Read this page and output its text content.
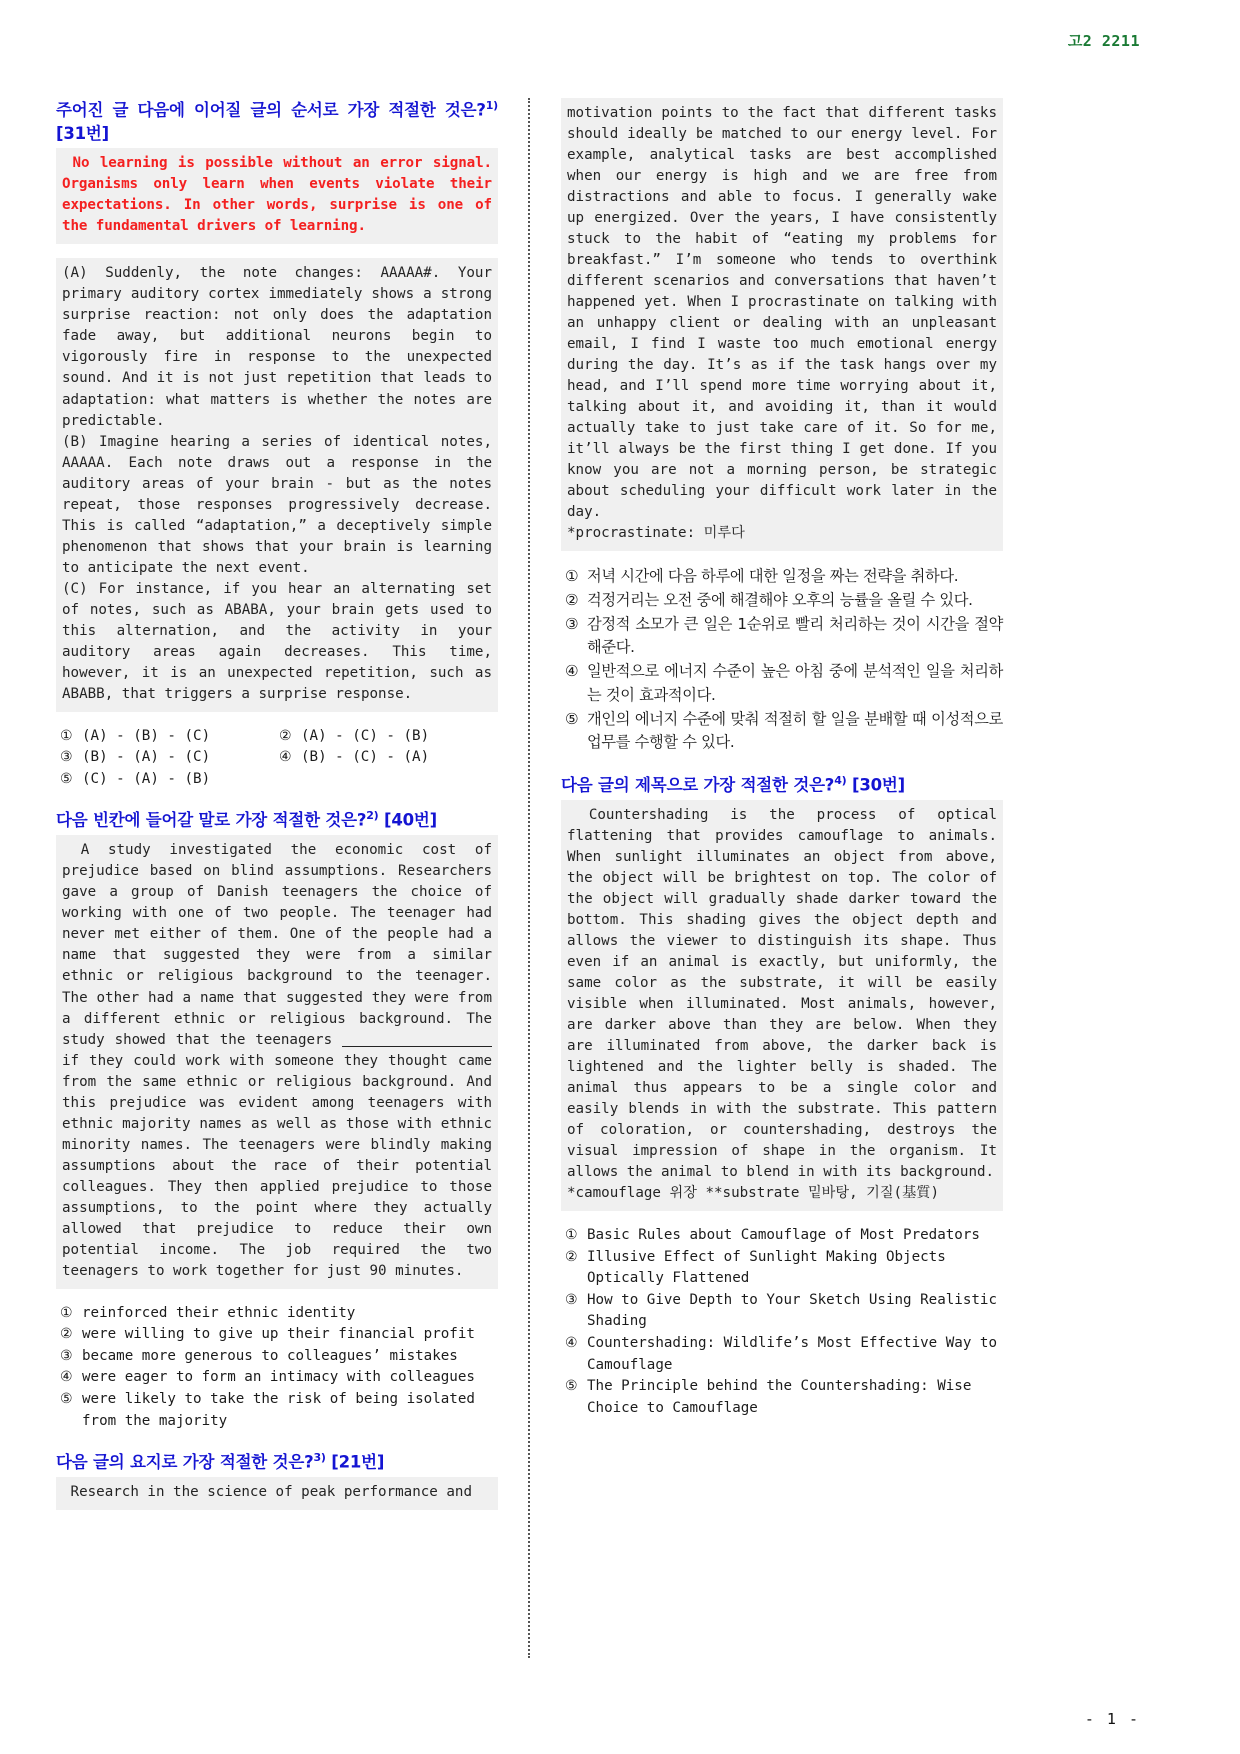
고2 2211
주어진 글 다음에 이어질 글의 순서로 가장 적절한 것은?$^{1)}$ [31번]
No learning is possible without an error signal. Organisms only learn when events violate their expectations. In other words, surprise is one of the fundamental drivers of learning.
(A) Suddenly, the note changes: AAAAA#. Your primary auditory cortex immediately shows a strong surprise reaction: not only does the adaptation fade away, but additional neurons begin to vigorously fire in response to the unexpected sound. And it is not just repetition that leads to adaptation: what matters is whether the notes are predictable.
(B) Imagine hearing a series of identical notes, AAAAA. Each note draws out a response in the auditory areas of your brain - but as the notes repeat, those responses progressively decrease. This is called “adaptation,” a deceptively simple phenomenon that shows that your brain is learning to anticipate the next event.
(C) For instance, if you hear an alternating set of notes, such as ABABA, your brain gets used to this alternation, and the activity in your auditory areas again decreases. This time, however, it is an unexpected repetition, such as ABABB, that triggers a surprise response.
① (A) - (B) - (C)	② (A) - (C) - (B)
③ (B) - (A) - (C)	④ (B) - (C) - (A)
⑤ (C) - (A) - (B)
다음 빈칸에 들어갈 말로 가장 적절한 것은?$^{2)}$ [40번]
A study investigated the economic cost of prejudice based on blind assumptions. Researchers gave a group of Danish teenagers the choice of working with one of two people. The teenager had never met either of them. One of the people had a name that suggested they were from a similar ethnic or religious background to the teenager. The other had a name that suggested they were from a different ethnic or religious background. The study showed that the teenagers	if they could work with someone they thought came from the same ethnic or religious background. And this prejudice was evident among teenagers with ethnic majority names as well as those with ethnic minority names. The teenagers were blindly making assumptions about the race of their potential colleagues. They then applied prejudice to those assumptions, to the point where they actually allowed that prejudice to reduce their own potential income. The job required the two teenagers to work together for just 90 minutes.
① reinforced their ethnic identity
② were willing to give up their financial profit
③ became more generous to colleagues’ mistakes
④ were eager to form an intimacy with colleagues
⑤ were likely to take the risk of being isolated from the majority
다음 글의 요지로 가장 적절한 것은?$^{3)}$ [21번]
Research in the science of peak performance and
motivation points to the fact that different tasks should ideally be matched to our energy level. For example, analytical tasks are best accomplished when our energy is high and we are free from distractions and able to focus. I generally wake up energized. Over the years, I have consistently stuck to the habit of “eating my problems for breakfast.” I’m someone who tends to overthink different scenarios and conversations that haven’t happened yet. When I procrastinate on talking with an unhappy client or dealing with an unpleasant email, I find I waste too much emotional energy during the day. It’s as if the task hangs over my head, and I’ll spend more time worrying about it, talking about it, and avoiding it, than it would actually take to just take care of it. So for me, it’ll always be the first thing I get done. If you know you are not a morning person, be strategic about scheduling your difficult work later in the day.
*procrastinate: 미루다
① 저녁 시간에 다음 하루에 대한 일정을 짜는 전략을 취하다.
② 걱정거리는 오전 중에 해결해야 오후의 능률을 올릴 수 있다.
③ 감정적 소모가 큰 일은 1순위로 빨리 처리하는 것이 시간을 절약해준다.
④ 일반적으로 에너지 수준이 높은 아침 중에 분석적인 일을 처리하는 것이 효과적이다.
⑤ 개인의 에너지 수준에 맞춰 적절히 할 일을 분배할 때 이성적으로 업무를 수행할 수 있다.
다음 글의 제목으로 가장 적절한 것은?$^{4)}$ [30번]
Countershading is the process of optical flattening that provides camouflage to animals. When sunlight illuminates an object from above, the object will be brightest on top. The color of the object will gradually shade darker toward the bottom. This shading gives the object depth and allows the viewer to distinguish its shape. Thus even if an animal is exactly, but uniformly, the same color as the substrate, it will be easily visible when illuminated. Most animals, however, are darker above than they are below. When they are illuminated from above, the darker back is lightened and the lighter belly is shaded. The animal thus appears to be a single color and easily blends in with the substrate. This pattern of coloration, or countershading, destroys the visual impression of shape in the organism. It allows the animal to blend in with its background.
*camouflage 위장 **substrate 밑바탕, 기질(基質)
① Basic Rules about Camouflage of Most Predators
② Illusive Effect of Sunlight Making Objects Optically Flattened
③ How to Give Depth to Your Sketch Using Realistic Shading
④ Countershading: Wildlife’s Most Effective Way to Camouflage
⑤ The Principle behind the Countershading: Wise Choice to Camouflage
- 1 -
